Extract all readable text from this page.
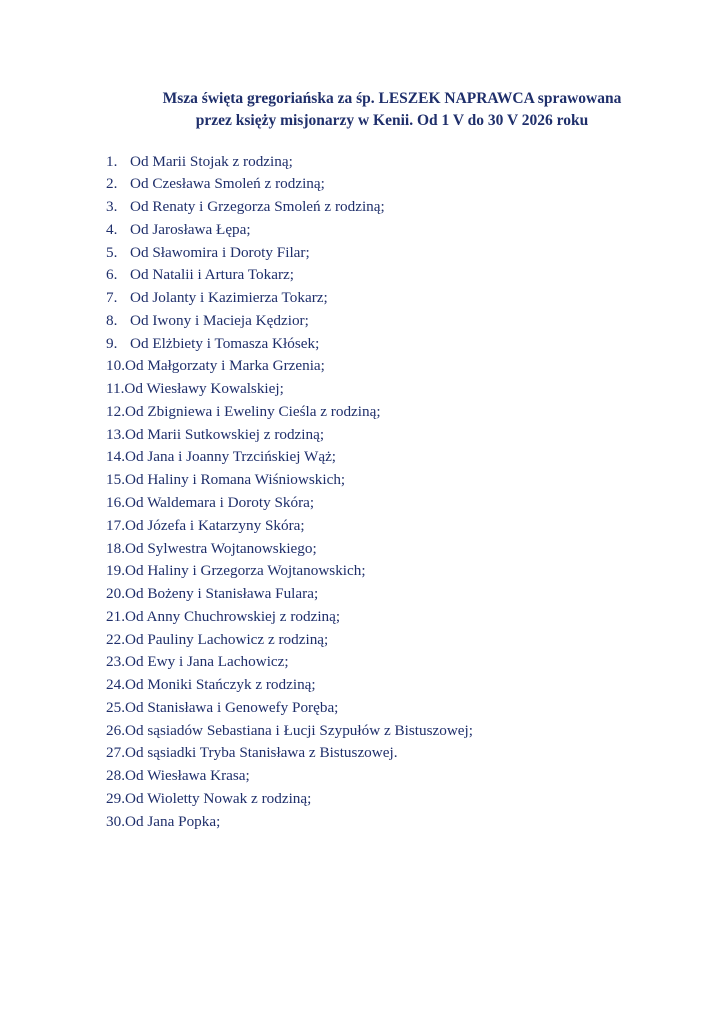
Msza święta gregoriańska za śp. LESZEK NAPRAWCA sprawowana
przez księży misjonarzy w Kenii. Od 1 V do 30 V 2026 roku
1. Od Marii Stojak z rodziną;
2. Od Czesława Smoleń z rodziną;
3. Od Renaty i Grzegorza Smoleń z rodziną;
4. Od Jarosława Łępa;
5. Od Sławomira i Doroty Filar;
6. Od Natalii i Artura Tokarz;
7. Od Jolanty i Kazimierza Tokarz;
8. Od Iwony i Macieja Kędzior;
9. Od Elżbiety i Tomasza Kłósek;
10.Od Małgorzaty i Marka Grzenia;
11.Od Wiesławy Kowalskiej;
12.Od Zbigniewa i Eweliny Cieśla z rodziną;
13.Od Marii Sutkowskiej z rodziną;
14.Od Jana i Joanny Trzcińskiej Wąż;
15.Od Haliny i Romana Wiśniowskich;
16.Od Waldemara i Doroty Skóra;
17.Od Józefa i Katarzyny Skóra;
18.Od Sylwestra Wojtanowskiego;
19.Od Haliny i Grzegorza Wojtanowskich;
20.Od Bożeny i Stanisława Fulara;
21.Od Anny Chuchrowskiej z rodziną;
22.Od Pauliny Lachowicz z rodziną;
23.Od Ewy i Jana Lachowicz;
24.Od Moniki Stańczyk z rodziną;
25.Od Stanisława i Genowefy Poręba;
26.Od sąsiadów Sebastiana i Łucji Szypułów z Bistuszowej;
27.Od sąsiadki Tryba Stanisława z Bistuszowej.
28.Od Wiesława Krasa;
29.Od Wioletty Nowak z rodziną;
30.Od Jana Popka;
